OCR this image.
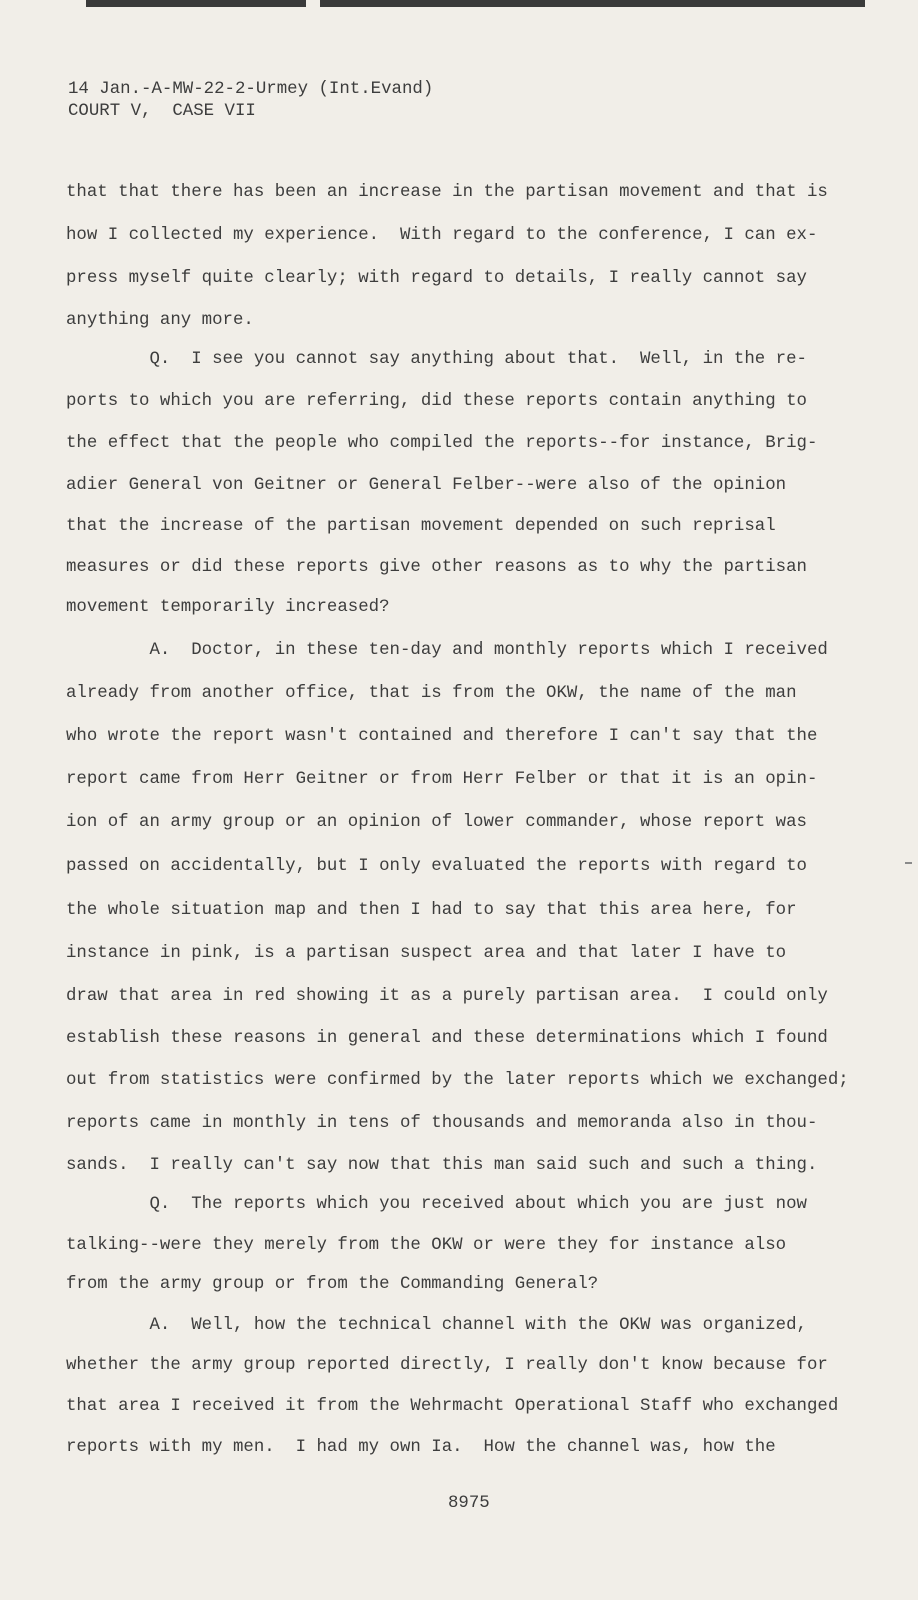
14 Jan.-A-MW-22-2-Urmey (Int.Evand)
COURT V,  CASE VII
that that there has been an increase in the partisan movement and that is
how I collected my experience.  With regard to the conference, I can ex-
press myself quite clearly; with regard to details, I really cannot say
anything any more.
Q.  I see you cannot say anything about that.  Well, in the re-
ports to which you are referring, did these reports contain anything to
the effect that the people who compiled the reports--for instance, Brig-
adier General von Geitner or General Felber--were also of the opinion
that the increase of the partisan movement depended on such reprisal
measures or did these reports give other reasons as to why the partisan
movement temporarily increased?
A.  Doctor, in these ten-day and monthly reports which I received
already from another office, that is from the OKW, the name of the man
who wrote the report wasn't contained and therefore I can't say that the
report came from Herr Geitner or from Herr Felber or that it is an opin-
ion of an army group or an opinion of lower commander, whose report was
passed on accidentally, but I only evaluated the reports with regard to
the whole situation map and then I had to say that this area here, for
instance in pink, is a partisan suspect area and that later I have to
draw that area in red showing it as a purely partisan area.  I could only
establish these reasons in general and these determinations which I found
out from statistics were confirmed by the later reports which we exchanged;
reports came in monthly in tens of thousands and memoranda also in thou-
sands.  I really can't say now that this man said such and such a thing.
Q.  The reports which you received about which you are just now
talking--were they merely from the OKW or were they for instance also
from the army group or from the Commanding General?
A.  Well, how the technical channel with the OKW was organized,
whether the army group reported directly, I really don't know because for
that area I received it from the Wehrmacht Operational Staff who exchanged
reports with my men.  I had my own Ia.  How the channel was, how the
8975
